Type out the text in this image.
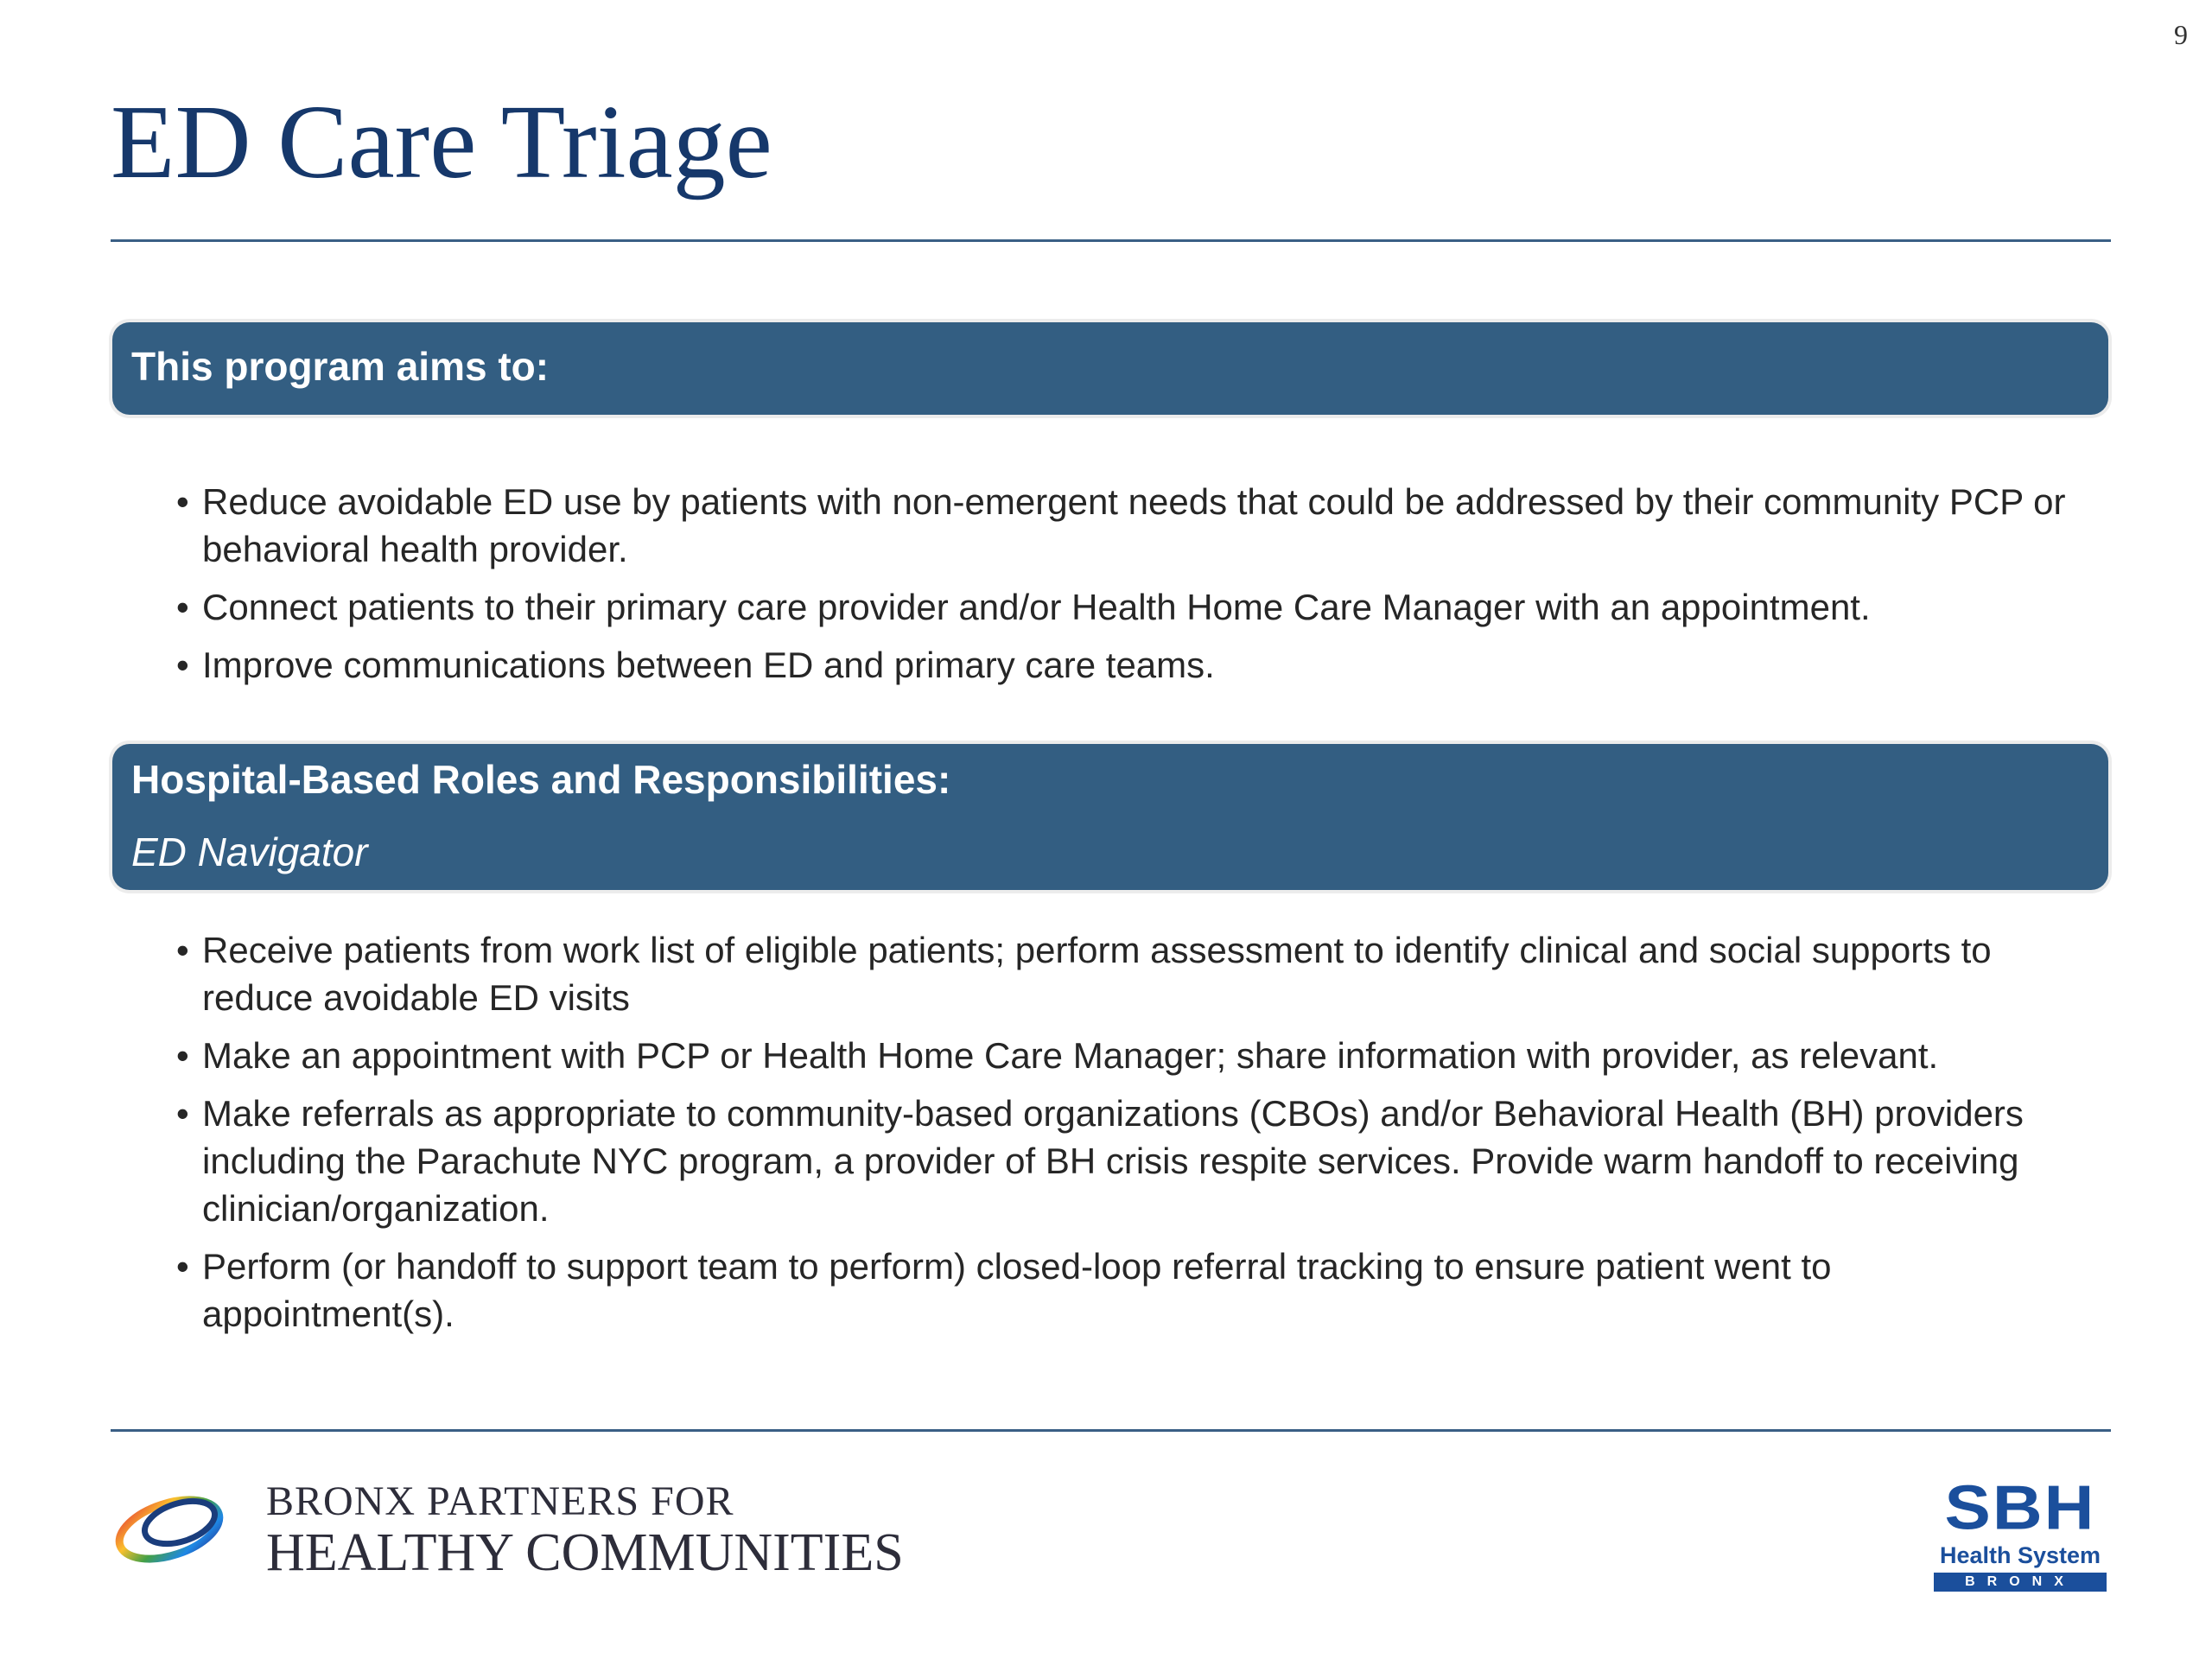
9
ED Care Triage
This program aims to:
• Reduce avoidable ED use by patients with non-emergent needs that could be addressed by their community PCP or behavioral health provider.
• Connect patients to their primary care provider and/or Health Home Care Manager with an appointment.
• Improve communications between ED and primary care teams.
Hospital-Based Roles and Responsibilities:
ED Navigator
• Receive patients from work list of eligible patients; perform assessment to identify clinical and social supports to reduce avoidable ED visits
• Make an appointment with PCP or Health Home Care Manager; share information with provider, as relevant.
• Make referrals as appropriate to community-based organizations (CBOs) and/or Behavioral Health (BH) providers including the Parachute NYC program, a provider of BH crisis respite services. Provide warm handoff to receiving clinician/organization.
• Perform (or handoff to support team to perform) closed-loop referral tracking to ensure patient went to appointment(s).
BRONX PARTNERS FOR
HEALTHY COMMUNITIES
SBH
Health System
BRONX
